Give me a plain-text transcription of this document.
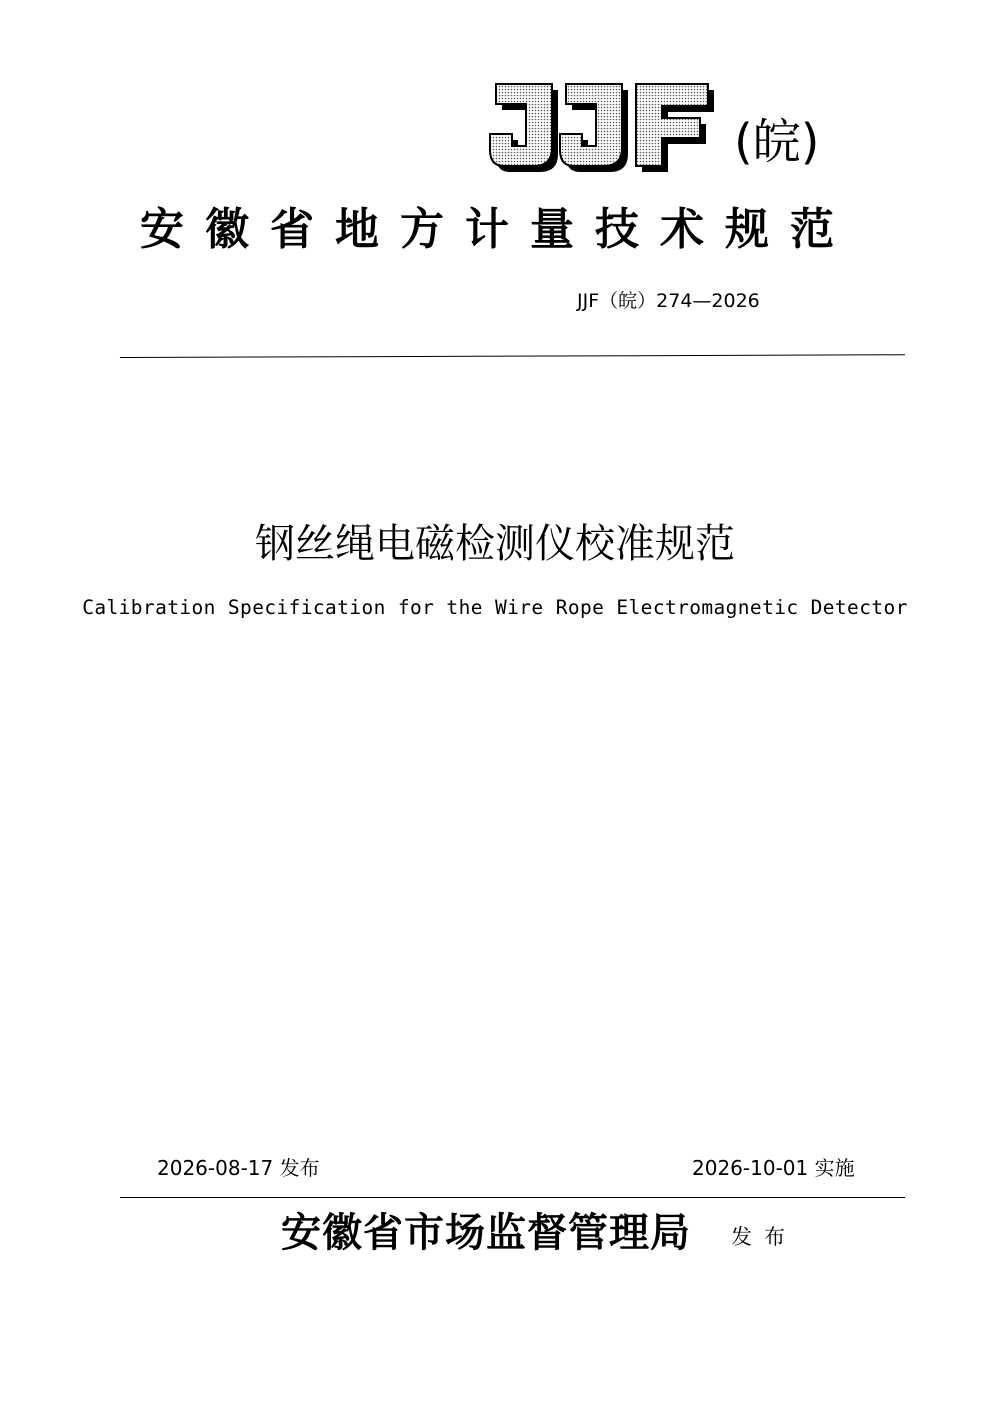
(皖)
安徽省地方计量技术规范
JJF（皖）274—2026
钢丝绳电磁检测仪校准规范
Calibration Specification for the Wire Rope Electromagnetic Detector
2026-08-17 发布	2026-10-01 实施
安徽省市场监督管理局 发布
